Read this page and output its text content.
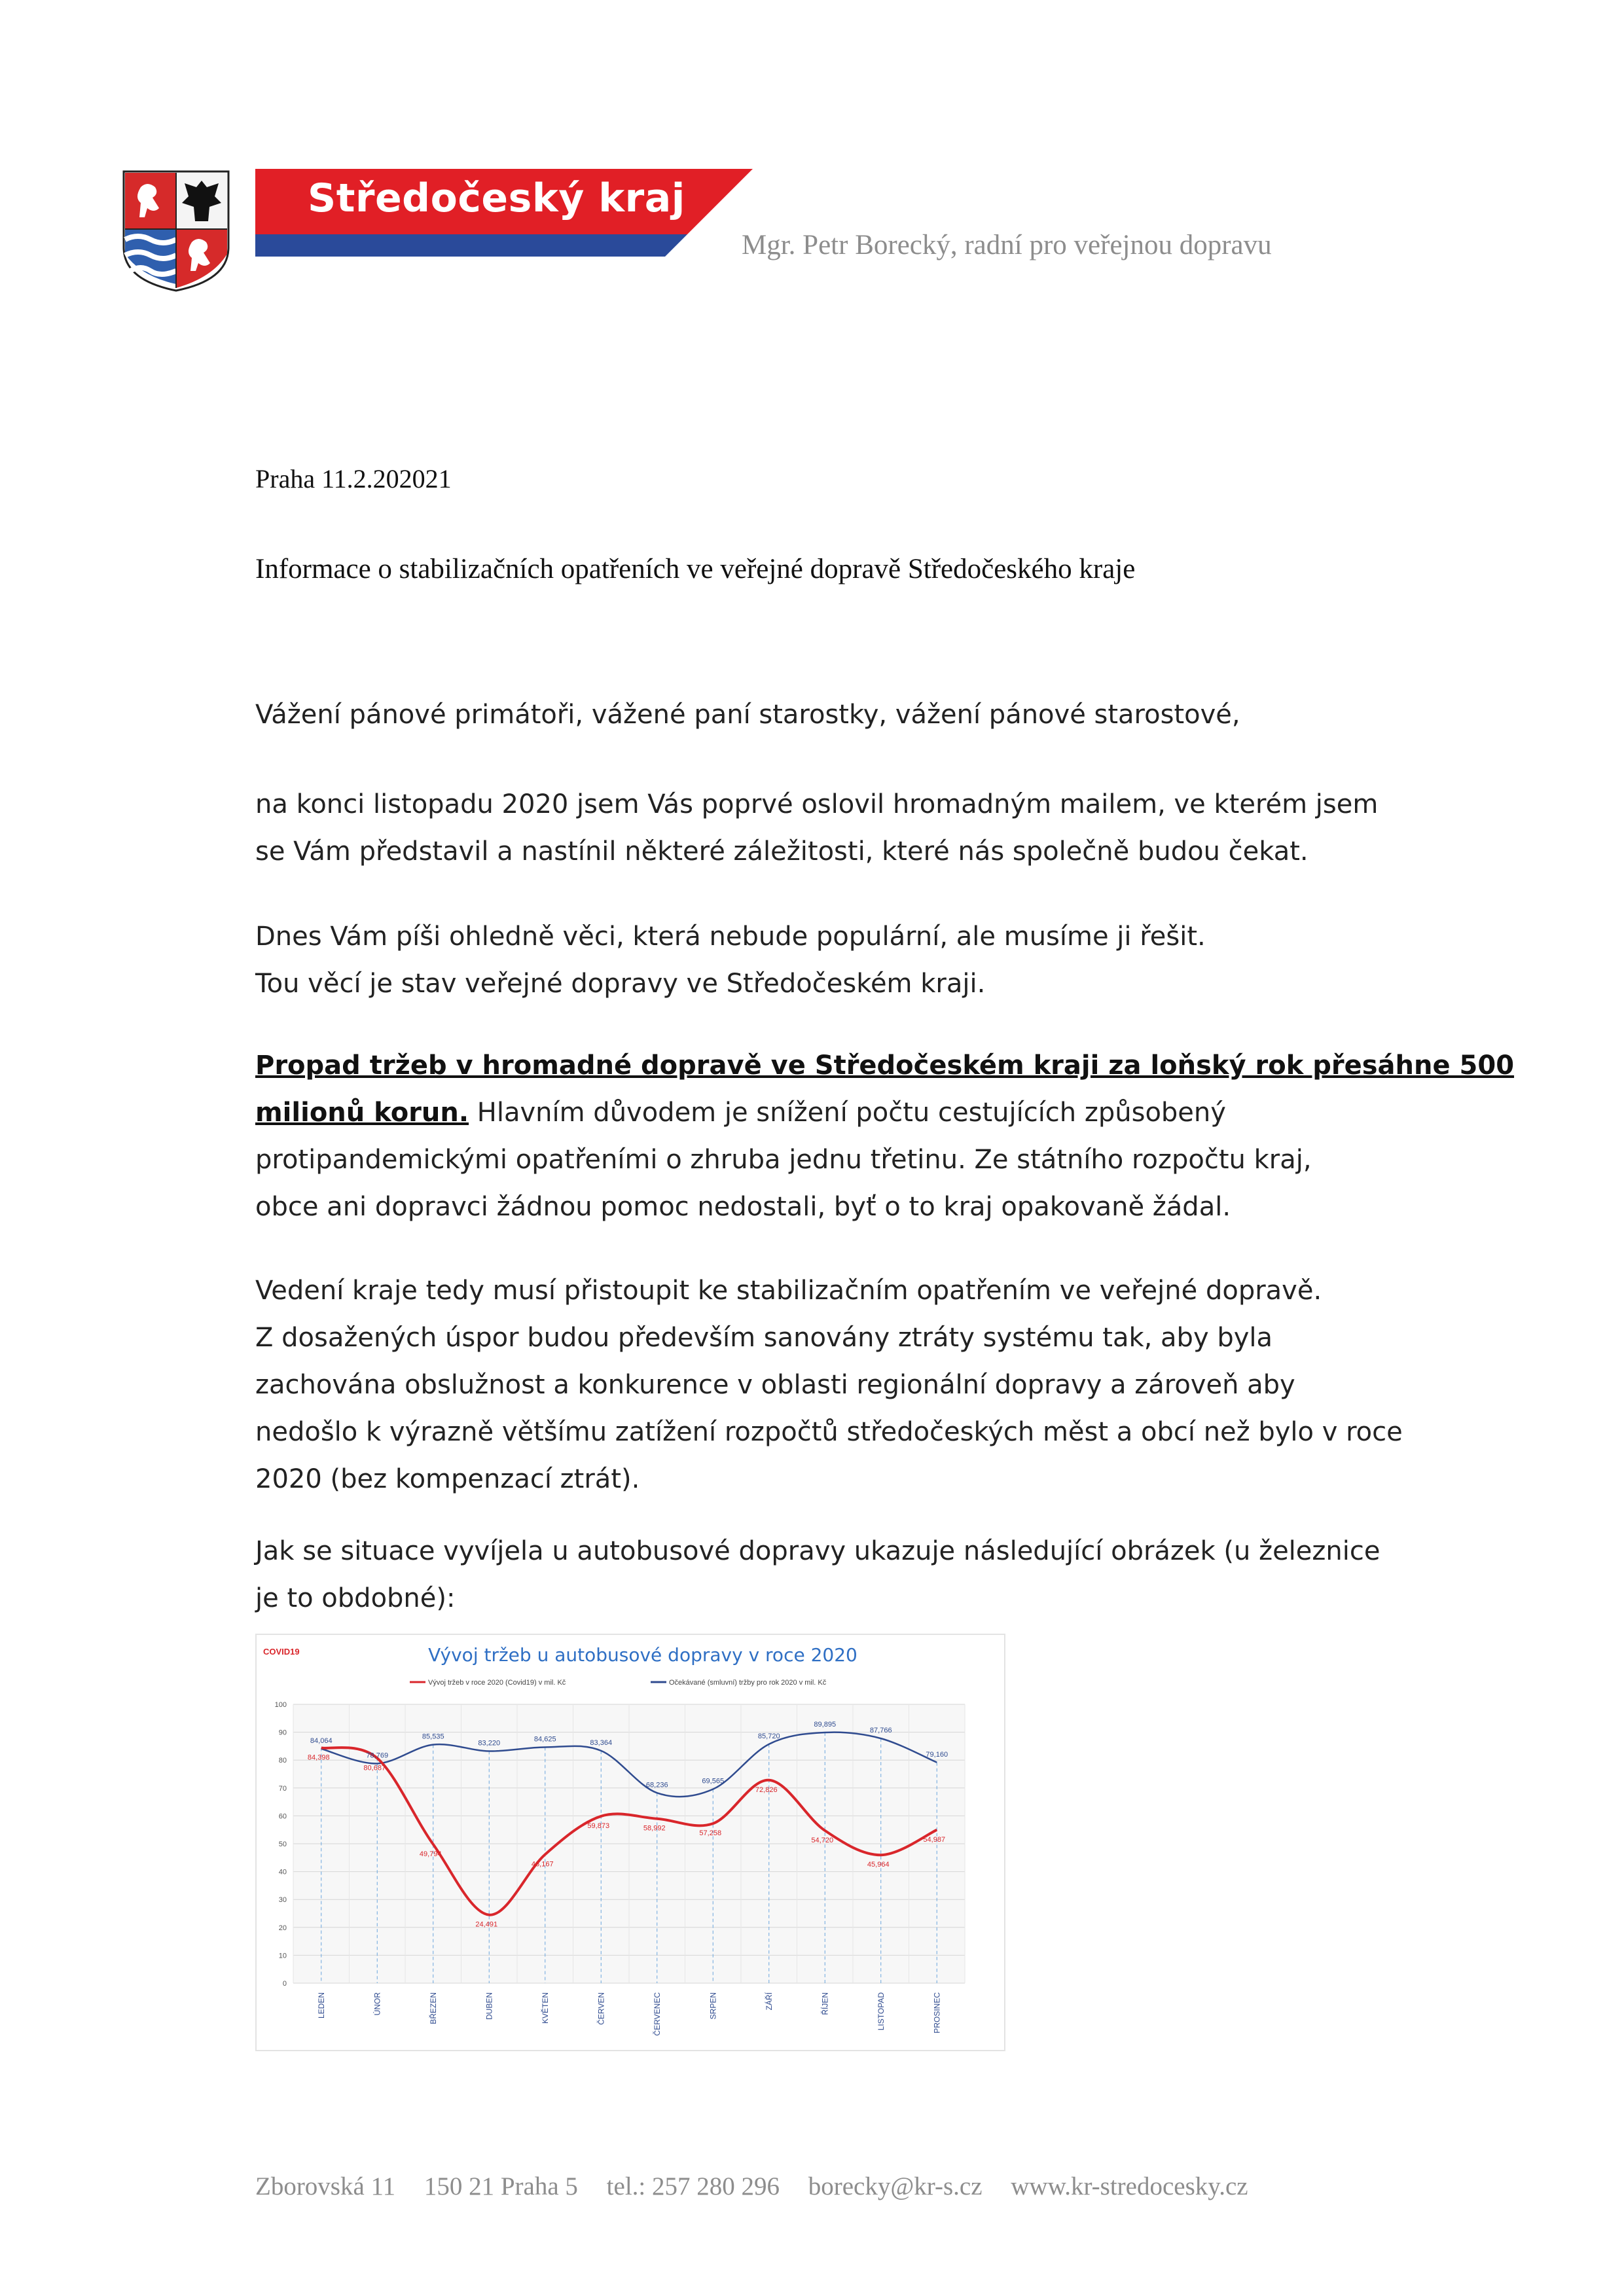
Středočeský kraj
Mgr. Petr Borecký, radní pro veřejnou dopravu
Praha 11.2.202021
Informace o stabilizačních opatřeních ve veřejné dopravě Středočeského kraje

Vážení pánové primátoři, vážené paní starostky, vážení pánové starostové,

na konci listopadu 2020 jsem Vás poprvé oslovil hromadným mailem, ve kterém jsem
se Vám představil a nastínil některé záležitosti, které nás společně budou čekat.

Dnes Vám píši ohledně věci, která nebude populární, ale musíme ji řešit.
Tou věcí je stav veřejné dopravy ve Středočeském kraji.

Propad tržeb v hromadné dopravě ve Středočeském kraji za loňský rok přesáhne 500
milionů korun. Hlavním důvodem je snížení počtu cestujících způsobený
protipandemickými opatřeními o zhruba jednu třetinu. Ze státního rozpočtu kraj,
obce ani dopravci žádnou pomoc nedostali, byť o to kraj opakovaně žádal.

Vedení kraje tedy musí přistoupit ke stabilizačním opatřením ve veřejné dopravě.
Z dosažených úspor budou především sanovány ztráty systému tak, aby byla
zachována obslužnost a konkurence v oblasti regionální dopravy a zároveň aby
nedošlo k výrazně většímu zatížení rozpočtů středočeských měst a obcí než bylo v roce
2020 (bez kompenzací ztrát).

Jak se situace vyvíjela u autobusové dopravy ukazuje následující obrázek (u železnice
je to obdobné):

COVID19	Vývoj tržeb u autobusové dopravy v roce 2020
Vývoj tržeb v roce 2020 (Covid19) v mil. Kč	Očekávané (smluvní) tržby pro rok 2020 v mil. Kč
0
10
20
30
40
50
60
70
80
90
100
LEDEN	ÚNOR	BŘEZEN	DUBEN	KVĚTEN	ČERVEN	ČERVENEC	SRPEN	ZÁŘÍ	ŘÍJEN	LISTOPAD	PROSINEC
84,064
78,769
85,535
83,220	84,625	83,364
68,236	69,565
85,720
89,895
87,766
79,160
84,398
80,687
49,794
24,491
46,167
59,873	58,992
57,258
72,826
54,720
45,964
54,987
Zborovská 11 150 21 Praha 5 tel.: 257 280 296 borecky@kr-s.cz www.kr-stredocesky.cz
